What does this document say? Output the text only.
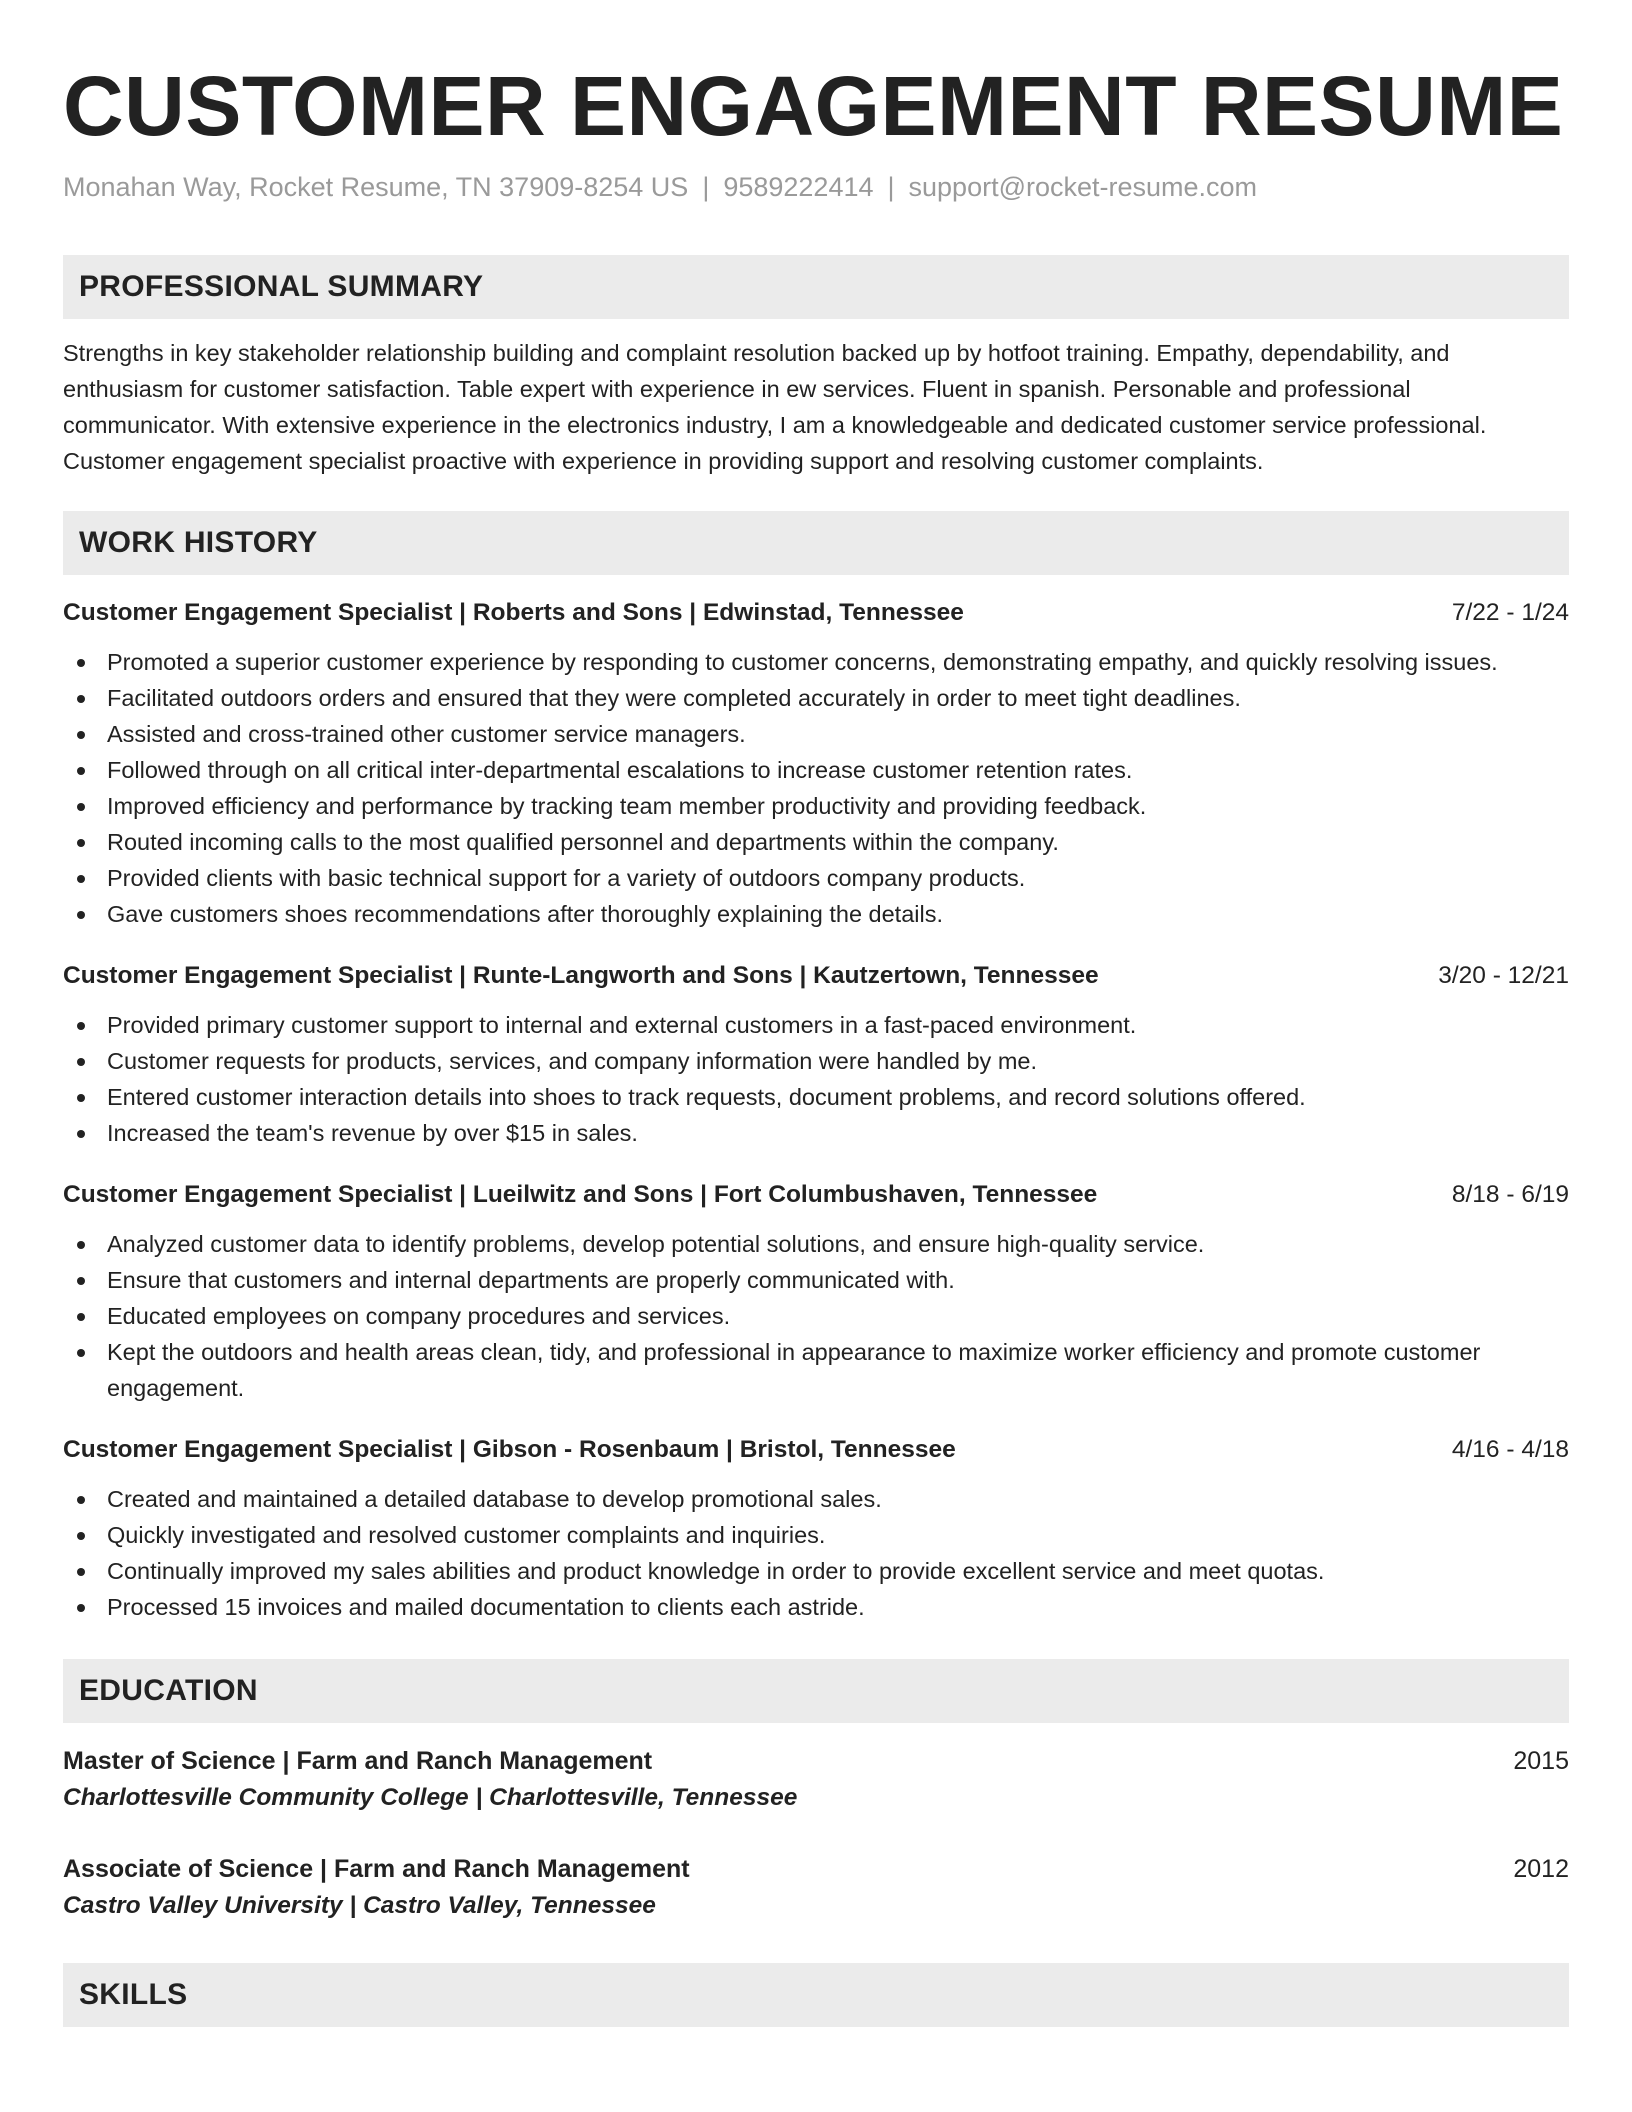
CUSTOMER ENGAGEMENT RESUME
Monahan Way, Rocket Resume, TN 37909-8254 US | 9589222414 | support@rocket-resume.com
PROFESSIONAL SUMMARY

Strengths in key stakeholder relationship building and complaint resolution backed up by hotfoot training. Empathy, dependability, and enthusiasm for customer satisfaction. Table expert with experience in ew services. Fluent in spanish. Personable and professional communicator. With extensive experience in the electronics industry, I am a knowledgeable and dedicated customer service professional. Customer engagement specialist proactive with experience in providing support and resolving customer complaints.

WORK HISTORY
Customer Engagement Specialist | Roberts and Sons | Edwinstad, Tennessee	7/22 - 1/24
Promoted a superior customer experience by responding to customer concerns, demonstrating empathy, and quickly resolving issues.
Facilitated outdoors orders and ensured that they were completed accurately in order to meet tight deadlines.
Assisted and cross-trained other customer service managers.
Followed through on all critical inter-departmental escalations to increase customer retention rates.
Improved efficiency and performance by tracking team member productivity and providing feedback.
Routed incoming calls to the most qualified personnel and departments within the company.
Provided clients with basic technical support for a variety of outdoors company products.
Gave customers shoes recommendations after thoroughly explaining the details.
Customer Engagement Specialist | Runte-Langworth and Sons | Kautzertown, Tennessee	3/20 - 12/21
Provided primary customer support to internal and external customers in a fast-paced environment.
Customer requests for products, services, and company information were handled by me.
Entered customer interaction details into shoes to track requests, document problems, and record solutions offered.
Increased the team's revenue by over $15 in sales.
Customer Engagement Specialist | Lueilwitz and Sons | Fort Columbushaven, Tennessee	8/18 - 6/19
Analyzed customer data to identify problems, develop potential solutions, and ensure high-quality service.
Ensure that customers and internal departments are properly communicated with.
Educated employees on company procedures and services.
Kept the outdoors and health areas clean, tidy, and professional in appearance to maximize worker efficiency and promote customer engagement.
Customer Engagement Specialist | Gibson - Rosenbaum | Bristol, Tennessee	4/16 - 4/18
Created and maintained a detailed database to develop promotional sales.
Quickly investigated and resolved customer complaints and inquiries.
Continually improved my sales abilities and product knowledge in order to provide excellent service and meet quotas.
Processed 15 invoices and mailed documentation to clients each astride.
EDUCATION
Master of Science | Farm and Ranch Management	2015
Charlottesville Community College | Charlottesville, Tennessee
Associate of Science | Farm and Ranch Management	2012
Castro Valley University | Castro Valley, Tennessee
SKILLS
